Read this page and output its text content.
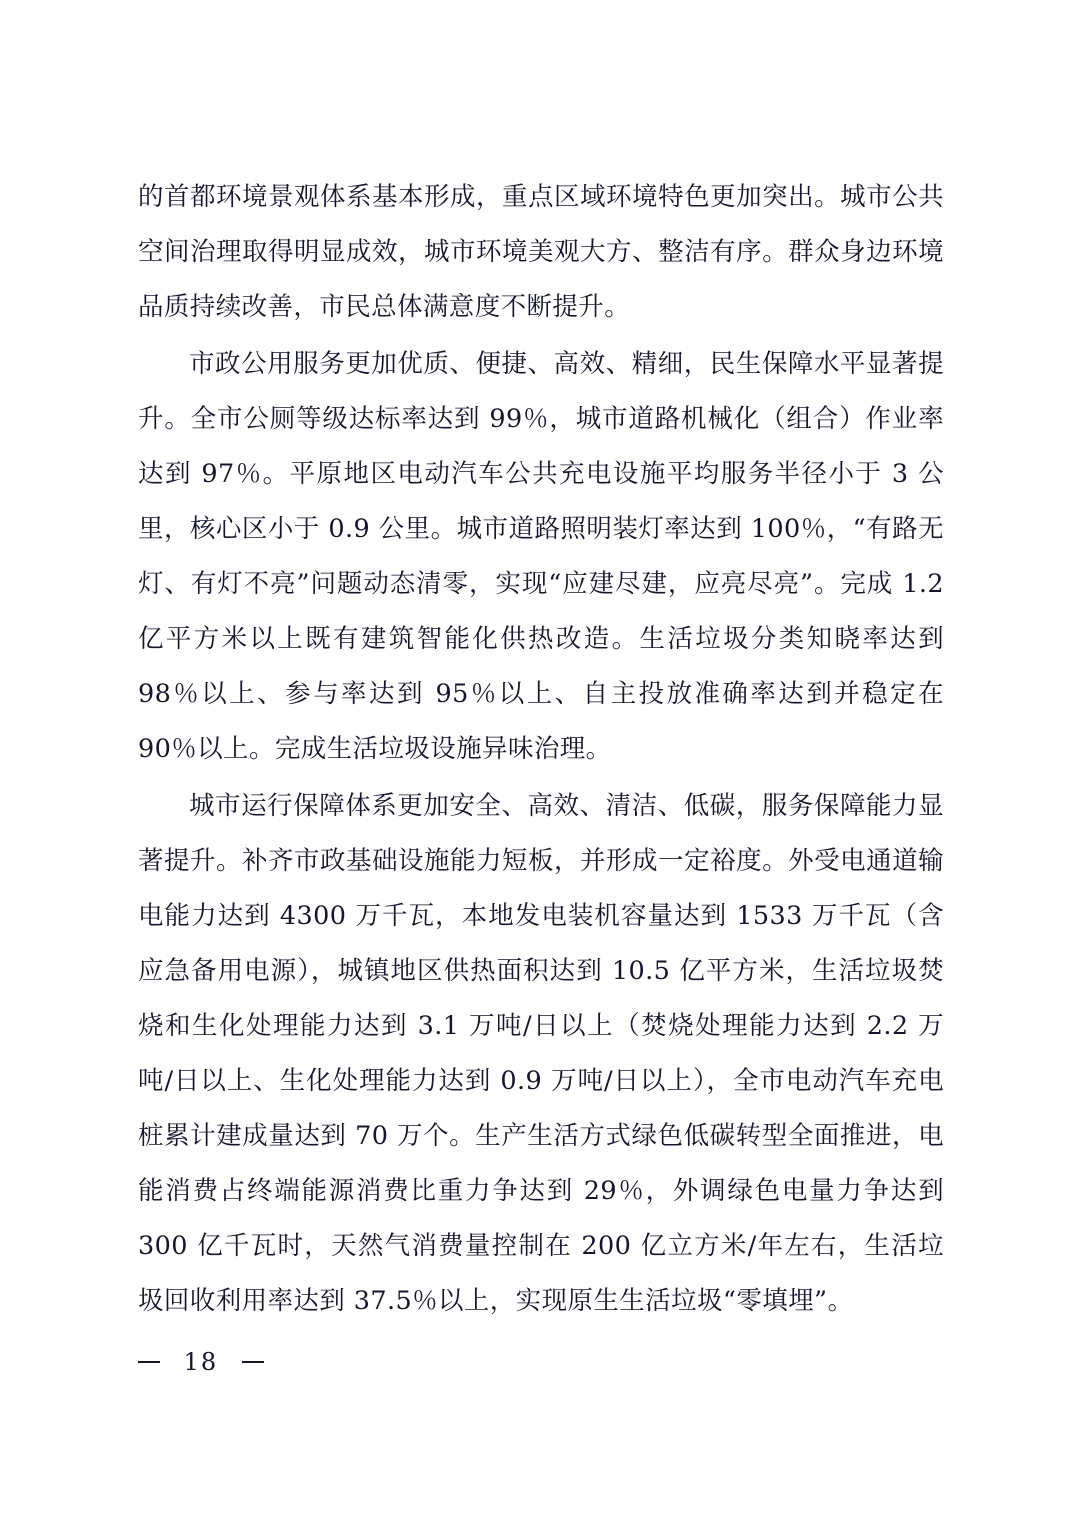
的首都环境景观体系基本形成，重点区域环境特色更加突出。城市公共空间治理取得明显成效，城市环境美观大方、整洁有序。群众身边环境品质持续改善，市民总体满意度不断提升。

市政公用服务更加优质、便捷、高效、精细，民生保障水平显著提升。全市公厕等级达标率达到 99％，城市道路机械化（组合）作业率达到 97％。平原地区电动汽车公共充电设施平均服务半径小于 3 公里，核心区小于 0.9 公里。城市道路照明装灯率达到 100％，“有路无灯、有灯不亮”问题动态清零，实现“应建尽建，应亮尽亮”。完成 1.2 亿平方米以上既有建筑智能化供热改造。生活垃圾分类知晓率达到 98％以上、参与率达到 95％以上、自主投放准确率达到并稳定在 90％以上。完成生活垃圾设施异味治理。

城市运行保障体系更加安全、高效、清洁、低碳，服务保障能力显著提升。补齐市政基础设施能力短板，并形成一定裕度。外受电通道输电能力达到 4300 万千瓦，本地发电装机容量达到 1533 万千瓦（含应急备用电源），城镇地区供热面积达到 10.5 亿平方米，生活垃圾焚烧和生化处理能力达到 3.1 万吨/日以上（焚烧处理能力达到 2.2 万吨/日以上、生化处理能力达到 0.9 万吨/日以上），全市电动汽车充电桩累计建成量达到 70 万个。生产生活方式绿色低碳转型全面推进，电能消费占终端能源消费比重力争达到 29％，外调绿色电量力争达到 300 亿千瓦时，天然气消费量控制在 200 亿立方米/年左右，生活垃圾回收利用率达到 37.5％以上，实现原生生活垃圾“零填埋”。

18
